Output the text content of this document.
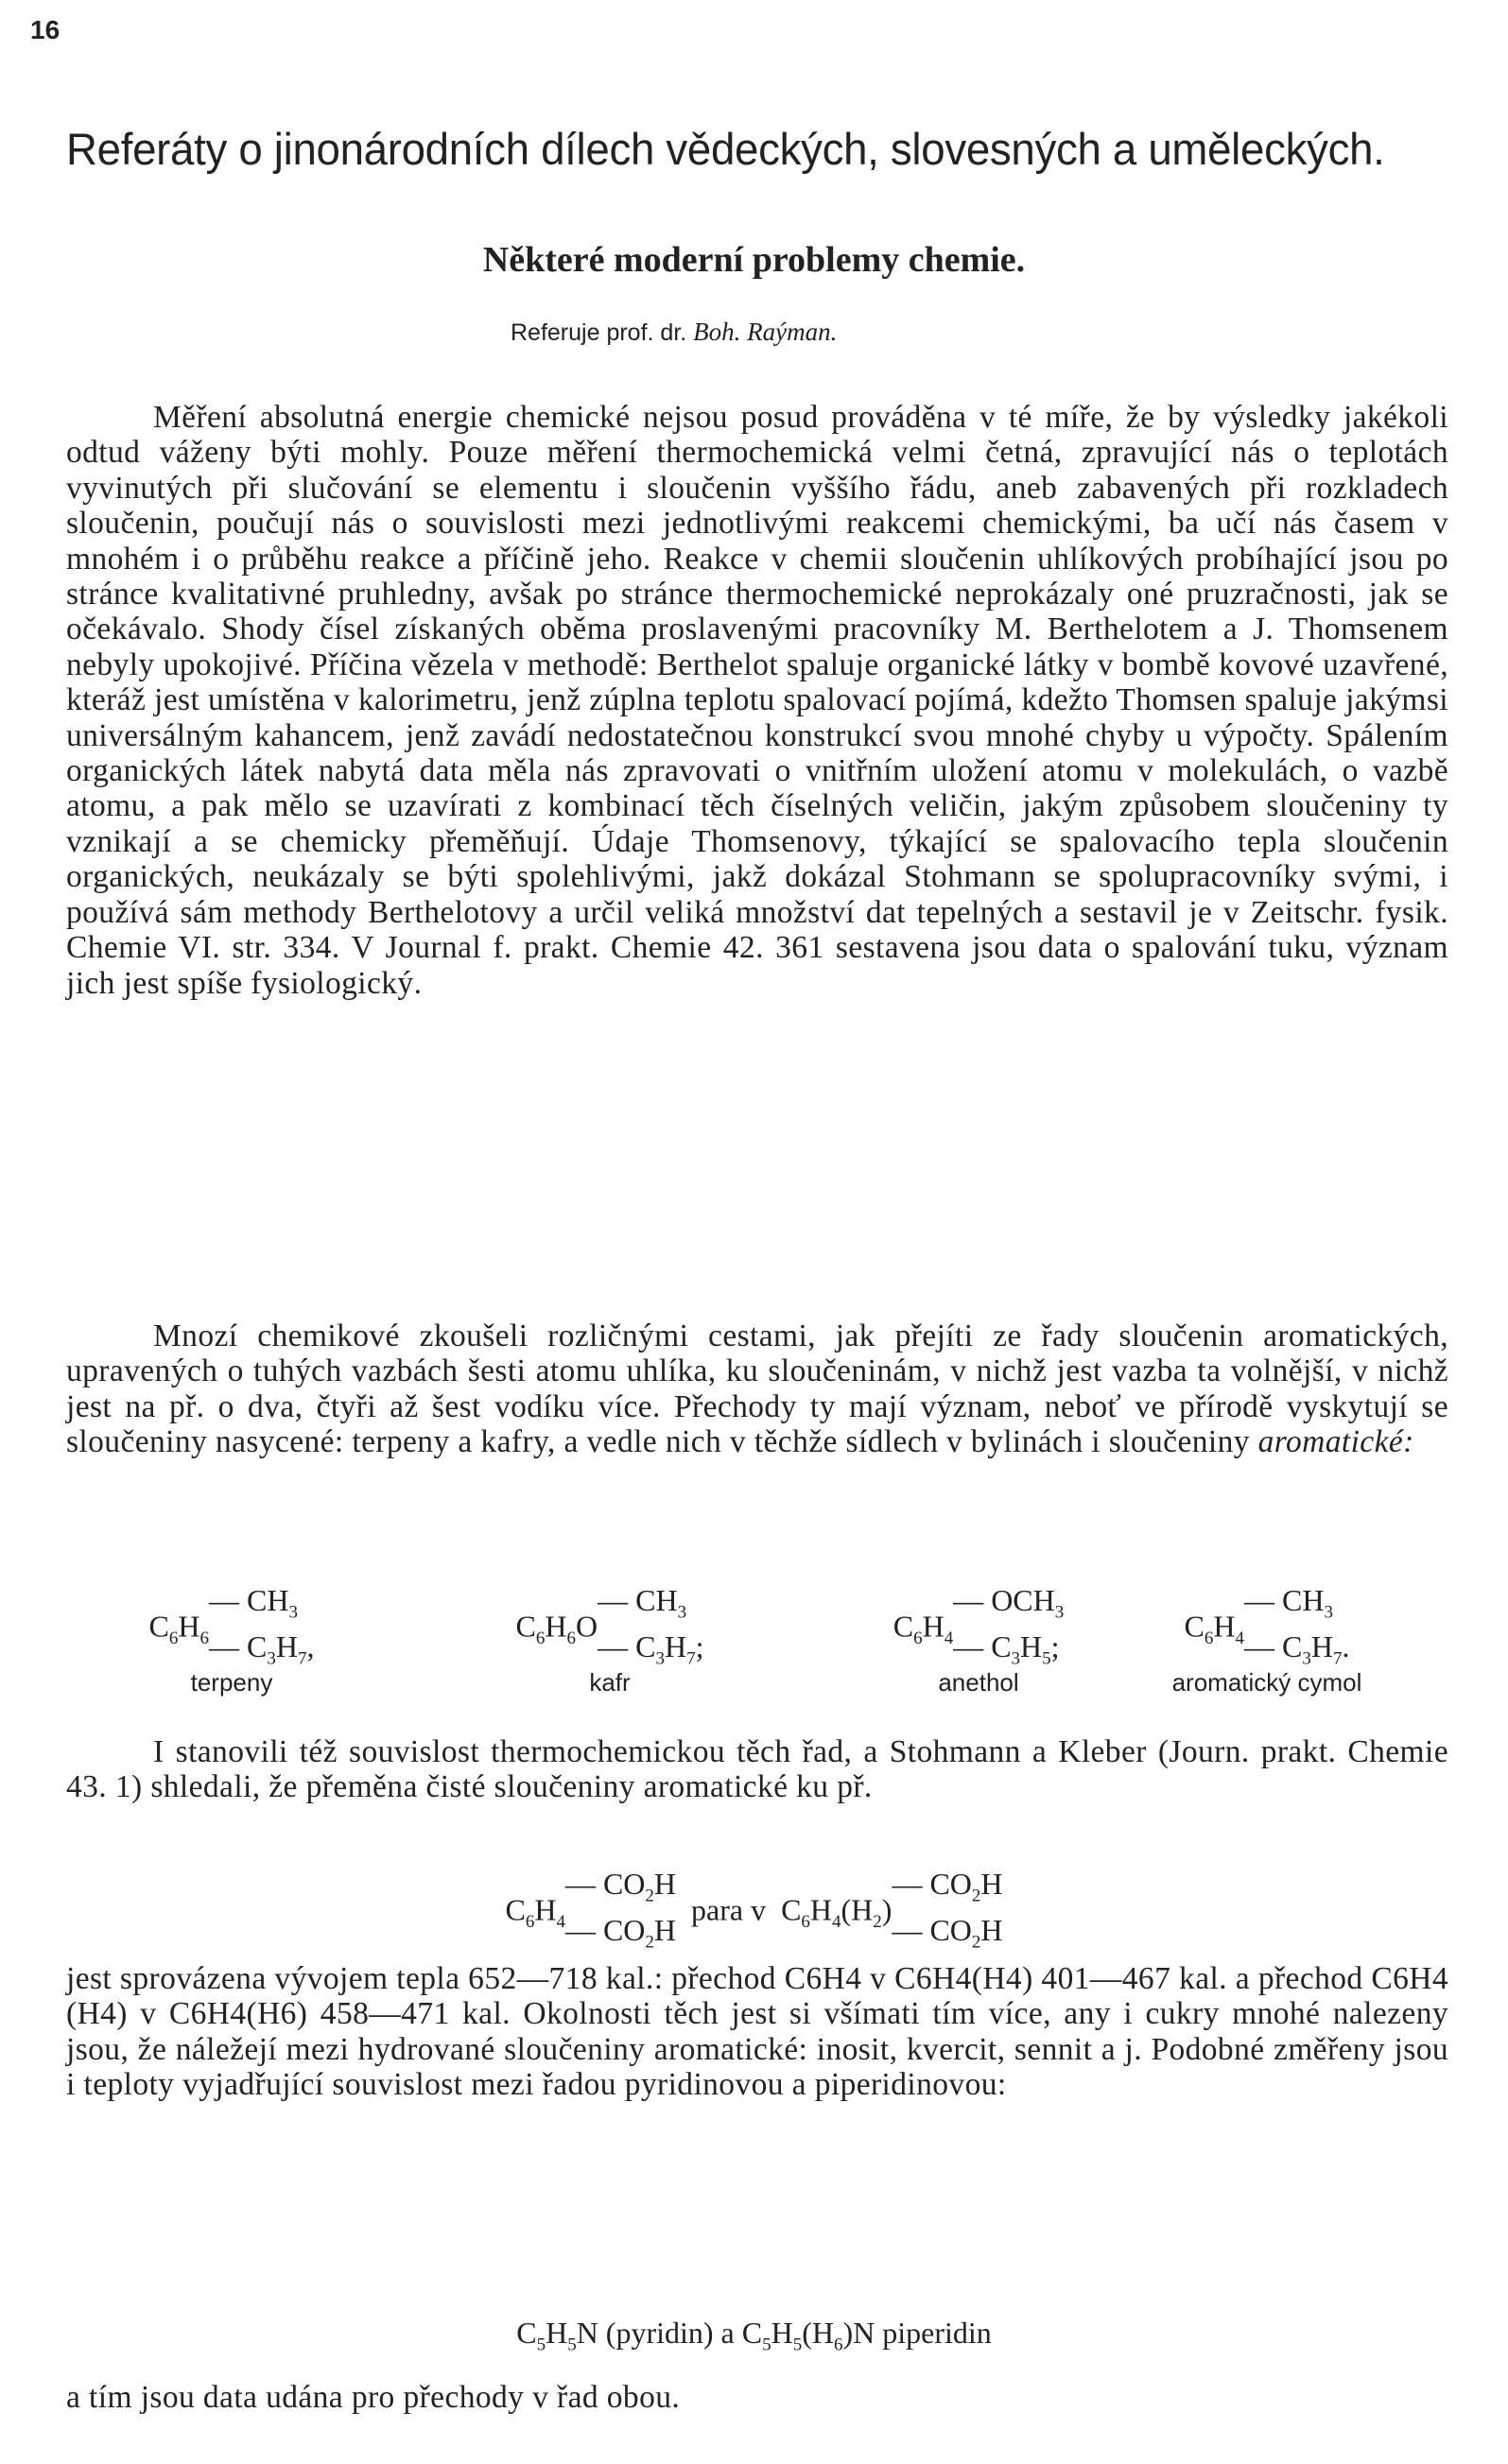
16
Referáty o jinonárodních dílech vědeckých, slovesných a uměleckých.
Některé moderní problemy chemie.
Referuje prof. dr. Boh. Raýman.

Měření absolutná energie chemické nejsou posud prováděna v té míře, že by výsledky jakékoli odtud váženy býti mohly. Pouze měření thermochemická velmi četná, zpravující nás o teplotách vyvinutých při slučování se elementu i sloučenin vyššího řádu, aneb zabavených při rozkladech sloučenin, poučují nás o souvislosti mezi jednotlivými reakcemi chemickými, ba učí nás časem v mnohém i o průběhu reakce a příčině jeho. Reakce v chemii sloučenin uhlíkových probíhající jsou po stránce kvalitativné pruhledny, avšak po stránce thermochemické neprokázaly oné pruzračnosti, jak se očekávalo. Shody čísel získaných oběma proslavenými pracovníky M. Berthelotem a J. Thomsenem nebyly upokojivé. Příčina vězela v methodě: Berthelot spaluje organické látky v bombě kovové uzavřené, kteráž jest umístěna v kalorimetru, jenž zúplna teplotu spalovací pojímá, kdežto Thomsen spaluje jakýmsi universálným kahancem, jenž zavádí nedostatečnou konstrukcí svou mnohé chyby u výpočty. Spálením organických látek nabytá data měla nás zpravovati o vnitřním uložení atomu v molekulách, o vazbě atomu, a pak mělo se uzavírati z kombinací těch číselných veličin, jakým způsobem sloučeniny ty vznikají a se chemicky přeměňují. Údaje Thomsenovy, týkající se spalovacího tepla sloučenin organických, neukázaly se býti spolehlivými, jakž dokázal Stohmann se spolupracovníky svými, i používá sám methody Berthelotovy a určil veliká množství dat tepelných a sestavil je v Zeitschr. fysik. Chemie VI. str. 334. V Journal f. prakt. Chemie 42. 361 sestavena jsou data o spalování tuku, význam jich jest spíše fysiologický.

Mnozí chemikové zkoušeli rozličnými cestami, jak přejíti ze řady sloučenin aromatických, upravených o tuhých vazbách šesti atomu uhlíka, ku sloučeninám, v nichž jest vazba ta volnější, v nichž jest na př. o dva, čtyři až šest vodíku více. Přechody ty mají význam, neboť ve přírodě vyskytují se sloučeniny nasycené: terpeny a kafry, a vedle nich v těchže sídlech v bylinách i sloučeniny aromatické:

$C_6H_6—$ $CH_3$
— $C_3H_7$,
terpeny
$C_6H_6O—$ $CH_3$
— $C_3H_7$;
kafr
$C_6H_4—$ $OCH_3$
— $C_3H_5$;
anethol
$C_6H_4—$ $CH_3$
— $C_3H_7$.
aromatický cymol

I stanovili též souvislost thermochemickou těch řad, a Stohmann a Kleber (Journ. prakt. Chemie 43. 1) shledali, že přeměna čisté sloučeniny aromatické ku př.

$C_6H_4—$ $CO_2H$
— $CO_2H$  para v  $C_6H_4(H_2)—$ $CO_2H$
— $CO_2H$

jest sprovázena vývojem tepla 652—718 kal.: přechod C6H4 v C6H4(H4) 401—467 kal. a přechod C6H4 (H4) v C6H4(H6) 458—471 kal. Okolnosti těch jest si všímati tím více, any i cukry mnohé nalezeny jsou, že náležejí mezi hydrované sloučeniny aromatické: inosit, kvercit, sennit a j. Podobné změřeny jsou i teploty vyjadřující souvislost mezi řadou pyridinovou a piperidinovou:

$C_5H_5N$ (pyridin) a $C_5H_5(H_6)N$ piperidin

a tím jsou data udána pro přechody v řad obou.
